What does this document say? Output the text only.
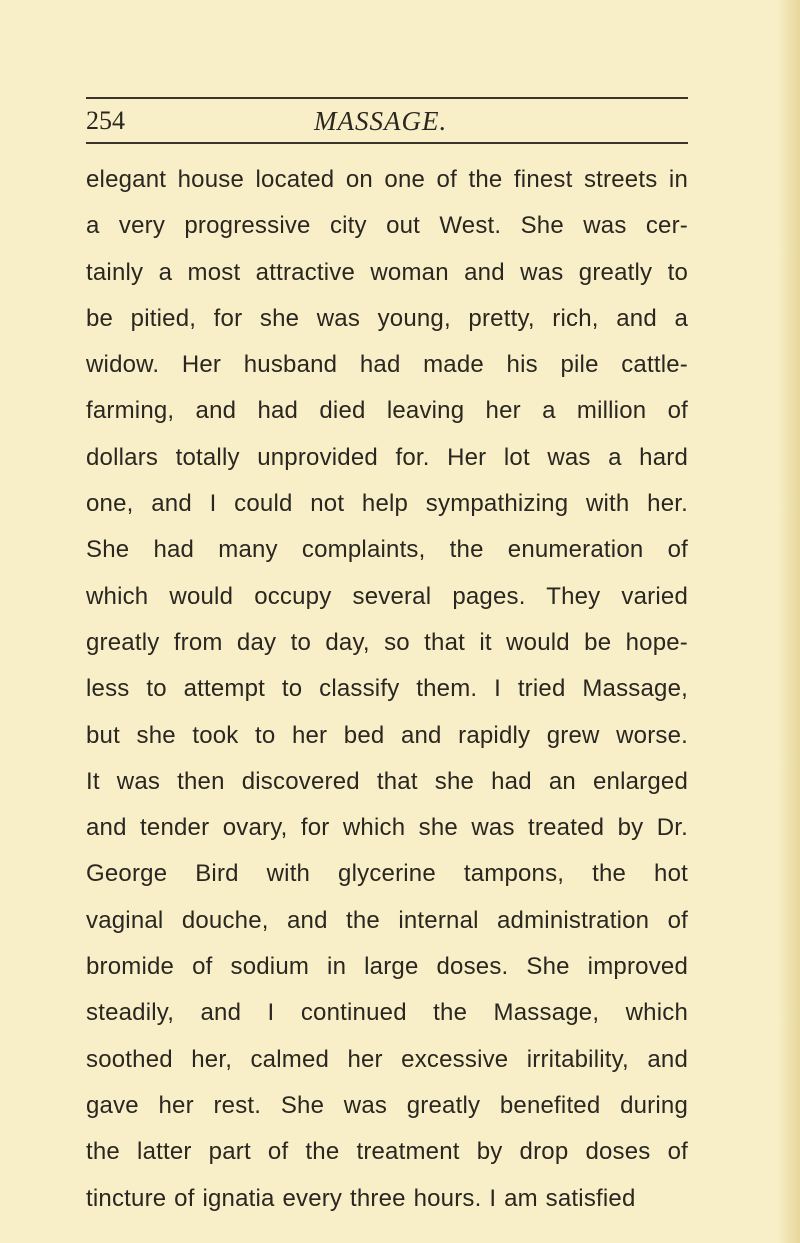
254	MASSAGE.
elegant house located on one of the finest streets in
a very progressive city out West. She was cer-
tainly a most attractive woman and was greatly to
be pitied, for she was young, pretty, rich, and a
widow. Her husband had made his pile cattle-
farming, and had died leaving her a million of
dollars totally unprovided for. Her lot was a hard
one, and I could not help sympathizing with her.
She had many complaints, the enumeration of
which would occupy several pages. They varied
greatly from day to day, so that it would be hope-
less to attempt to classify them. I tried Massage,
but she took to her bed and rapidly grew worse.
It was then discovered that she had an enlarged
and tender ovary, for which she was treated by Dr.
George Bird with glycerine tampons, the hot
vaginal douche, and the internal administration of
bromide of sodium in large doses. She improved
steadily, and I continued the Massage, which
soothed her, calmed her excessive irritability, and
gave her rest. She was greatly benefited during
the latter part of the treatment by drop doses of
tincture of ignatia every three hours. I am satisfied
